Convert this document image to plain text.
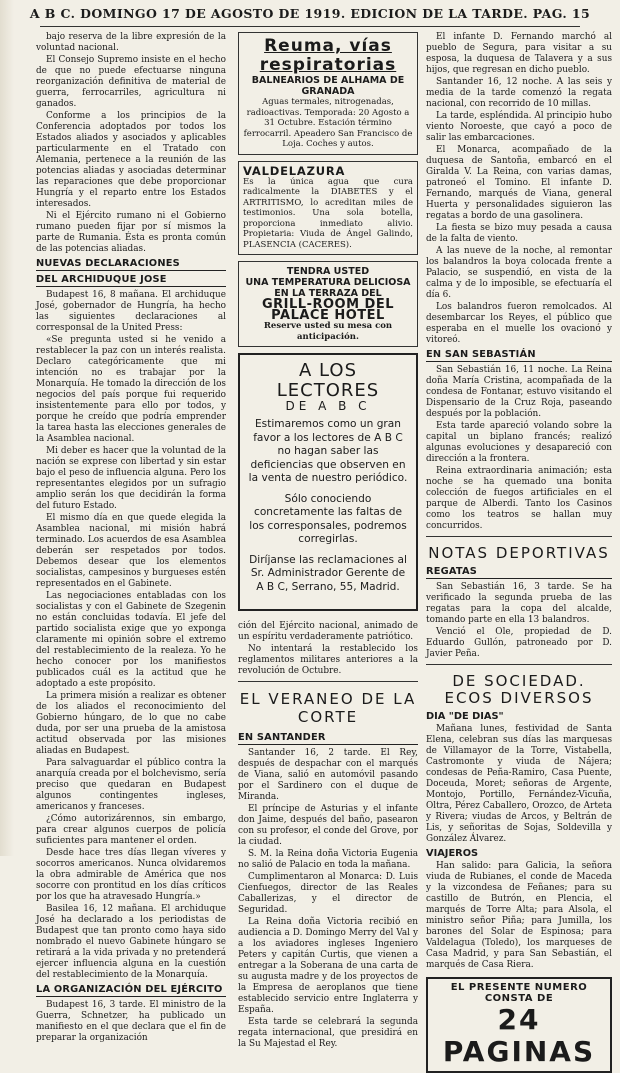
A B C. DOMINGO 17 DE AGOSTO DE 1919. EDICION DE LA TARDE. PAG. 15

bajo reserva de la libre expresión de la voluntad nacional.

El Consejo Supremo insiste en el hecho de que no puede efectuarse ninguna reorganización definitiva de material de guerra, ferrocarriles, agricultura ni ganados.

Conforme a los principios de la Conferencia adoptados por todos los Estados aliados y asociados y aplicables particularmente en el Tratado con Alemania, pertenece a la reunión de las potencias aliadas y asociadas determinar las reparaciones que debe proporcionar Hungría y el reparto entre los Estados interesados.

Ni el Ejército rumano ni el Gobierno rumano pueden fijar por sí mismos la parte de Rumania. Ésta es pronta común de las potencias aliadas.

NUEVAS DECLARACIONES
DEL ARCHIDUQUE JOSE

Budapest 16, 8 mañana. El archiduque José, gobernador de Hungría, ha hecho las siguientes declaraciones al corresponsal de la United Press:

«Se pregunta usted si he venido a restablecer la paz con un interés realista. Declaro categóricamente que mi intención no es trabajar por la Monarquía. He tomado la dirección de los negocios del país porque fui requerido insistentemente para ello por todos, y porque he creído que podría emprender la tarea hasta las elecciones generales de la Asamblea nacional.

Mi deber es hacer que la voluntad de la nación se exprese con libertad y sin estar bajo el peso de influencia alguna. Pero los representantes elegidos por un sufragio amplio serán los que decidirán la forma del futuro Estado.

El mismo día en que quede elegida la Asamblea nacional, mi misión habrá terminado. Los acuerdos de esa Asamblea deberán ser respetados por todos. Debemos desear que los elementos socialistas, campesinos y burgueses estén representados en el Gabinete.

Las negociaciones entabladas con los socialistas y con el Gabinete de Szegenin no están concluidas todavía. El jefe del partido socialista exige que yo exponga claramente mi opinión sobre el extremo del restablecimiento de la realeza. Yo he hecho conocer por los manifiestos publicados cuál es la actitud que he adoptado a este propósito.

La primera misión a realizar es obtener de los aliados el reconocimiento del Gobierno húngaro, de lo que no cabe duda, por ser una prueba de la amistosa actitud observada por las misiones aliadas en Budapest.

Para salvaguardar el público contra la anarquía creada por el bolchevismo, sería preciso que quedaran en Budapest algunos contingentes ingleses, americanos y franceses.

¿Cómo autorizárennos, sin embargo, para crear algunos cuerpos de policía suficientes para mantener el orden.

Desde hace tres días llegan víveres y socorros americanos. Nunca olvidaremos la obra admirable de América que nos socorre con prontitud en los días críticos por los que ha atravesado Hungría.»

Basilea 16, 12 mañana. El archiduque José ha declarado a los periodistas de Budapest que tan pronto como haya sido nombrado el nuevo Gabinete húngaro se retirará a la vida privada y no pretenderá ejercer influencia alguna en la cuestión del restablecimiento de la Monarquía.

LA ORGANIZACIÓN DEL EJÉRCITO

Budapest 16, 3 tarde. El ministro de la Guerra, Schnetzer, ha publicado un manifiesto en el que declara que el fin de preparar la organización

Reuma, vías respiratorias
BALNEARIOS DE ALHAMA DE GRANADA
Aguas termales, nitrogenadas, radioactivas. Temporada: 20 Agosto a 31 Octubre. Estación término ferrocarril. Apeadero San Francisco de Loja. Coches y autos.
VALDELAZURA
Es la única agua que cura radicalmente la DIABETES y el ARTRITISMO, lo acreditan miles de testimonios. Una sola botella, proporciona inmediato alivio. Propietaria: Viuda de Ángel Galindo, PLASENCIA (CACERES).
TENDRA USTED
UNA TEMPERATURA DELICIOSA
EN LA TERRAZA DEL
GRILL-ROOM DEL PALACE HOTEL
Reserve usted su mesa con anticipación.
A LOS LECTORES
DE A B C
Estimaremos como un gran favor a los lectores de A B C no hagan saber las deficiencias que observen en la venta de nuestro periódico.
Sólo conociendo concretamente las faltas de los corresponsales, podremos corregirlas.
Diríjanse las reclamaciones al Sr. Administrador Gerente de A B C, Serrano, 55, Madrid.

ción del Ejército nacional, animado de un espíritu verdaderamente patriótico.

No intentará la restablecido los reglamentos militares anteriores a la revolución de Octubre.

EL VERANEO DE LA CORTE
EN SANTANDER

Santander 16, 2 tarde. El Rey, después de despachar con el marqués de Viana, salió en automóvil pasando por el Sardinero con el duque de Miranda.

El príncipe de Asturias y el infante don Jaime, después del baño, pasearon con su profesor, el conde del Grove, por la ciudad.

S. M. la Reina doña Victoria Eugenia no salió de Palacio en toda la mañana.

Cumplimentaron al Monarca: D. Luis Cienfuegos, director de las Reales Caballerizas, y el director de Seguridad.

La Reina doña Victoria recibió en audiencia a D. Domingo Merry del Val y a los aviadores ingleses Ingeniero Peters y capitán Curtis, que vienen a entregar a la Soberana de una carta de su augusta madre y de los proyectos de la Empresa de aeroplanos que tiene establecido servicio entre Inglaterra y España.

Esta tarde se celebrará la segunda regata internacional, que presidirá en la Su Majestad el Rey.

El infante D. Fernando marchó al pueblo de Segura, para visitar a su esposa, la duquesa de Talavera y a sus hijos, que regresan en dicho pueblo.

Santander 16, 12 noche. A las seis y media de la tarde comenzó la regata nacional, con recorrido de 10 millas.

La tarde, espléndida. Al principio hubo viento Noroeste, que cayó a poco de salir las embarcaciones.

El Monarca, acompañado de la duquesa de Santoña, embarcó en el Giralda V. La Reina, con varias damas, patroneó el Tomino. El infante D. Fernando, marqués de Viana, general Huerta y personalidades siguieron las regatas a bordo de una gasolinera.

La fiesta se bizo muy pesada a causa de la falta de viento.

A las nueve de la noche, al remontar los balandros la boya colocada frente a Palacio, se suspendió, en vista de la calma y de lo imposible, se efectuaría el día 6.

Los balandros fueron remolcados. Al desembarcar los Reyes, el público que esperaba en el muelle los ovacionó y vitoreó.

EN SAN SEBASTIÁN

San Sebastián 16, 11 noche. La Reina doña María Cristina, acompañada de la condesa de Fontanar, estuvo visitando el Dispensario de la Cruz Roja, paseando después por la población.

Esta tarde apareció volando sobre la capital un biplano francés; realizó algunas evoluciones y desapareció con dirección a la frontera.

Reina extraordinaria animación; esta noche se ha quemado una bonita colección de fuegos artificiales en el parque de Alberdi. Tanto los Casinos como los teatros se hallan muy concurridos.

NOTAS DEPORTIVAS
REGATAS

San Sebastián 16, 3 tarde. Se ha verificado la segunda prueba de las regatas para la copa del alcalde, tomando parte en ella 13 balandros.

Venció el Ole, propiedad de D. Eduardo Gullón, patroneado por D. Javier Peña.

DE SOCIEDAD. ECOS DIVERSOS
DIA "DE DIAS"

Mañana lunes, festividad de Santa Elena, celebran sus días las marquesas de Villamayor de la Torre, Vistabella, Castromonte y viuda de Nájera; condesas de Peña-Ramiro, Casa Puente, Doceuda, Moret; señoras de Argente, Montojo, Portillo, Fernández-Vicuña, Oltra, Pérez Caballero, Orozco, de Arteta y Rivera; viudas de Arcos, y Beltrán de Lis, y señoritas de Sojas, Soldevilla y González Álvarez.

VIAJEROS

Han salido: para Galicia, la señora viuda de Rubianes, el conde de Maceda y la vizcondesa de Feñanes; para su castillo de Butrón, en Plencia, el marqués de Torre Alta; para Alsola, el ministro señor Piña; para Jumilla, los barones del Solar de Espinosa; para Valdelagua (Toledo), los marqueses de Casa Madrid, y para San Sebastián, el marqués de Casa Riera.

EL PRESENTE NUMERO CONSTA DE
24 PAGINAS
